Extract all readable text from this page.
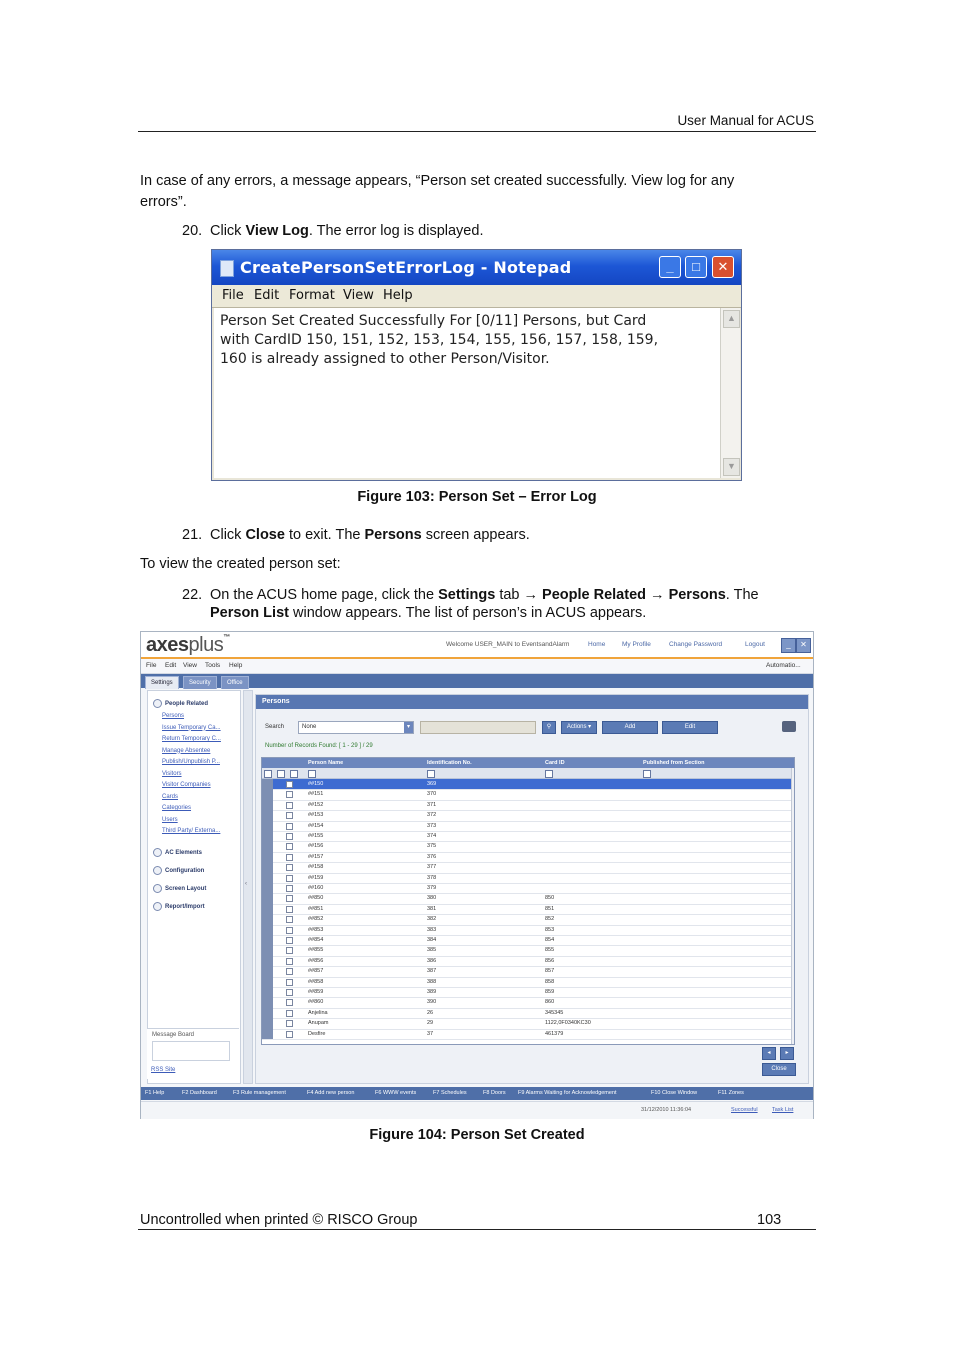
User Manual for ACUS
In case of any errors, a message appears, “Person set created successfully. View log for any
errors”.
20. Click View Log. The error log is displayed.
CreatePersonSetErrorLog - Notepad	_	□	✕
File Edit Format View Help
Person Set Created Successfully For [0/11] Persons, but Card
with CardID 150, 151, 152, 153, 154, 155, 156, 157, 158, 159,
160 is already assigned to other Person/Visitor.
▲
▼
Figure 103: Person Set – Error Log
21. Click Close to exit. The Persons screen appears.
To view the created person set:
22. On the ACUS home page, click the Settings tab → People Related → Persons. The
Person List window appears. The list of person’s in ACUS appears.
axesplus™
Welcome USER_MAIN to EventsandAlarm	Home	My Profile	Change Password	Logout	_	✕
File Edit View Tools Help	Automatio...
Settings	Security	Office
People Related
Persons
Issue Temporary Ca...
Return Temporary C...
Manage Absentee
Publish/Unpublish P...
Visitors
Visitor Companies
Cards
Categories
Users
Third Party/ Externa...
AC Elements
Configuration
Screen Layout
Report/Import
Message Board
RSS Site
‹
Persons
Search	None	▾	⚲	Actions ▾	Add	Edit
Number of Records Found: [ 1 - 29 ] / 29
Person Name	Identification No.	Card ID	Published from Section
##150	369
##151	370
##152	371
##153	372
##154	373
##155	374
##156	375
##157	376
##158	377
##159	378
##160	379
##850	380	850
##851	381	851
##852	382	852
##853	383	853
##854	384	854
##855	385	855
##856	386	856
##857	387	857
##858	388	858
##859	389	859
##860	390	860
Anjelina	26	345345
Anupam	29	1122,0F0340KC30
Desfire	37	461379
◂	▸
Close
F1 Help	F2 Dashboard	F3 Rule management	F4 Add new person	F6 WWW events	F7 Schedules	F8 Doors F9 Alarms Waiting for Acknowledgement	F10 Close Window	F11 Zones
31/12/2010 11:36:04	Successful	Task List
Figure 104: Person Set Created
Uncontrolled when printed © RISCO Group	103
